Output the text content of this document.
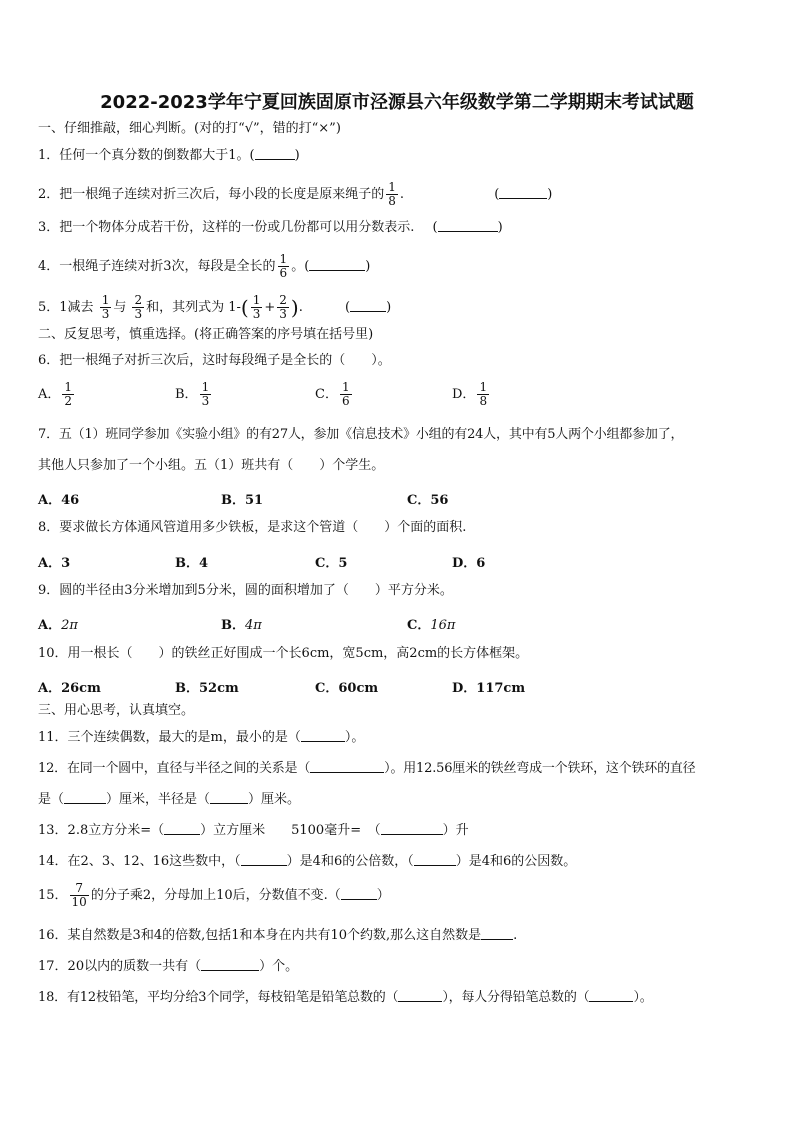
2022-2023学年宁夏回族固原市泾源县六年级数学第二学期期末考试试题
一、仔细推敲，细心判断。(对的打“√”，错的打“×”)
1．任何一个真分数的倒数都大于1。(	)
2．把一根绳子连续对折三次后，每小段的长度是原来绳子的 $\frac{1}{8}$ .	(	)
3．把一个物体分成若干份，这样的一份或几份都可以用分数表示. (	)
4．一根绳子连续对折3次，每段是全长的 $\frac{1}{6}$ 。(	)
5．1减去 $\frac{1}{3}$ 与 $\frac{2}{3}$ 和，其列式为 $1-( \frac{1}{3} + \frac{2}{3}$ ).	(	)
二、反复思考，慎重选择。(将正确答案的序号填在括号里)
6．把一根绳子对折三次后，这时每段绳子是全长的（　　）。
A． $\frac{1}{2}$	B． $\frac{1}{3}$	C． $\frac{1}{6}$	D． $\frac{1}{8}$
7．五（1）班同学参加《实验小组》的有27人，参加《信息技术》小组的有24人，其中有5人两个小组都参加了，
其他人只参加了一个小组。五（1）班共有（　　）个学生。
A．46	B．51	C．56
8．要求做长方体通风管道用多少铁板，是求这个管道（　　）个面的面积.
A．3	B．4	C．5	D．6
9．圆的半径由3分米增加到5分米，圆的面积增加了（　　）平方分米。
A．2π	B．4π	C．16π
10．用一根长（　　）的铁丝正好围成一个长6cm，宽5cm，高2cm的长方体框架。
A．26cm	B．52cm	C．60cm	D．117cm
三、用心思考，认真填空。
11．三个连续偶数，最大的是m，最小的是（	）。
12．在同一个圆中，直径与半径之间的关系是（	）。用12.56厘米的铁丝弯成一个铁环，这个铁环的直径
是（	）厘米，半径是（	）厘米。
13．2.8立方分米=（	）立方厘米　　5100毫升=　（	）升
14．在2、3、12、16这些数中，（	）是4和6的公倍数，（	）是4和6的公因数。
15． $\frac{7}{10}$ 的分子乘2，分母加上10后，分数值不变.（	）
16．某自然数是3和4的倍数,包括1和本身在内共有10个约数,那么这自然数是 .
17．20以内的质数一共有（	）个。
18．有12枝铅笔，平均分给3个同学，每枝铅笔是铅笔总数的（	），每人分得铅笔总数的（	）。
